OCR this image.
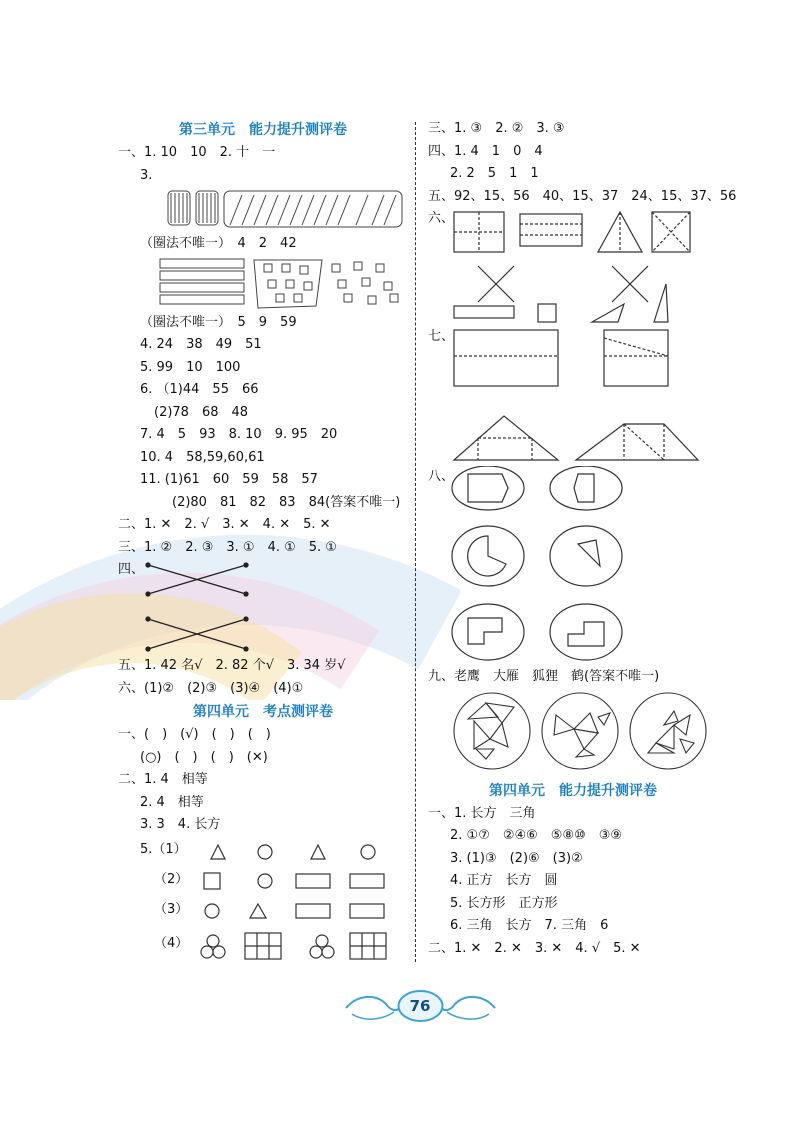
第三单元　能力提升测评卷
一、1. 10　10　2. 十　一
3.
（圈法不唯一）　4　2　42
（圈法不唯一）　5　9　59
4. 24　38　49　51
5. 99　10　100
6. （1)44　55　66
(2)78　68　48
7. 4　5　93　8. 10　9. 95　20
10. 4　58,59,60,61
11. (1)61　60　59　58　57
(2)80　81　82　83　84(答案不唯一)
二、1. ✕　2. √　3. ✕　4. ✕　5. ✕
三、1. ②　2. ③　3. ①　4. ①　5. ①
四、
五、1. 42 名√　2. 82 个√　3. 34 岁√
六、(1)②　(2)③　(3)④　(4)①
第四单元　考点测评卷
一、(　)　(√)　(　)　(　)
(○)　(　)　(　)　(✕)
二、1. 4　相等
2. 4　相等
3. 3　4. 长方
5.（1）
（2）
（3）
（4）
三、1. ③　2. ②　3. ③
四、1. 4　1　0　4
2. 2　5　1　1
五、92、15、56　40、15、37　24、15、37、56
六、
七、
八、
九、老鹰　大雁　狐狸　鹤(答案不唯一)
第四单元　能力提升测评卷
一、1. 长方　三角
2. ①⑦　②④⑥　⑤⑧⑩　③⑨
3. (1)③　(2)⑥　(3)②
4. 正方　长方　圆
5. 长方形　正方形
6. 三角　长方　7. 三角　6
二、1. ✕　2. ✕　3. ✕　4. √　5. ✕
76
